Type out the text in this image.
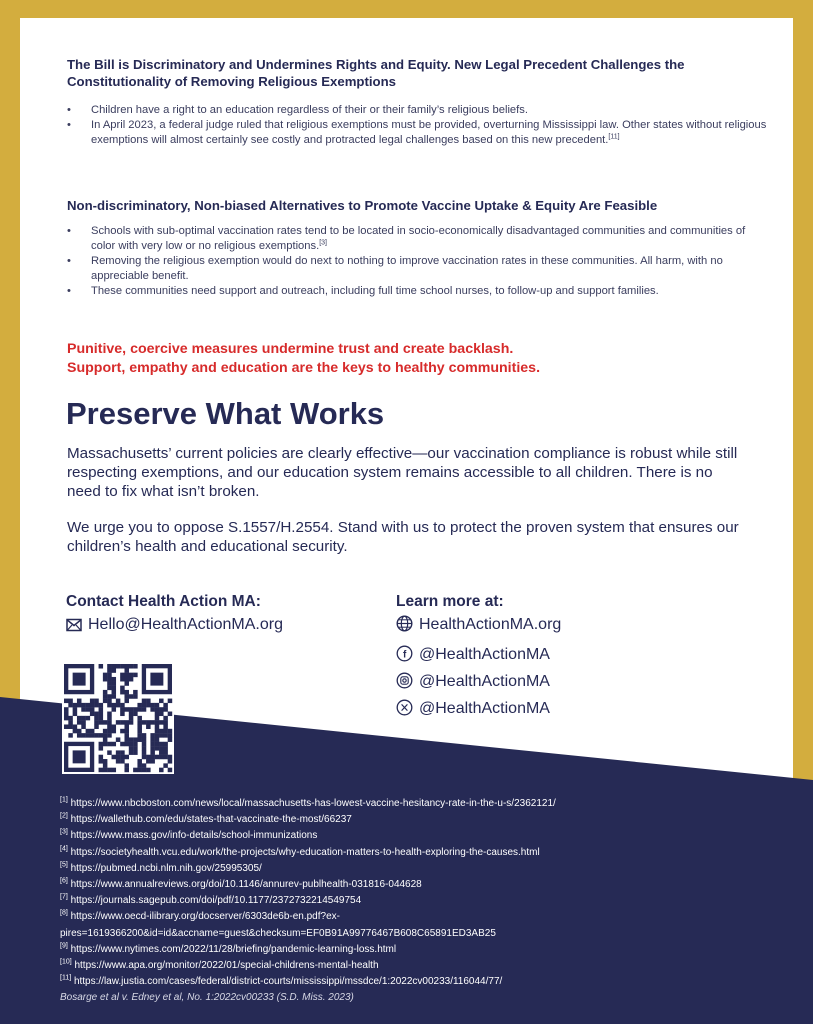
The Bill is Discriminatory and Undermines Rights and Equity. New Legal Precedent Challenges the Constitutionality of Removing Religious Exemptions
• Children have a right to an education regardless of their or their family’s religious beliefs.
• In April 2023, a federal judge ruled that religious exemptions must be provided, overturning Mississippi law. Other states without religious exemptions will almost certainly see costly and protracted legal challenges based on this new precedent.[11]
Non-discriminatory, Non-biased Alternatives to Promote Vaccine Uptake & Equity Are Feasible
• Schools with sub-optimal vaccination rates tend to be located in socio-economically disadvantaged communities and communities of color with very low or no religious exemptions.[3]
• Removing the religious exemption would do next to nothing to improve vaccination rates in these communities. All harm, with no appreciable benefit.
• These communities need support and outreach, including full time school nurses, to follow-up and support families.
Punitive, coercive measures undermine trust and create backlash.
Support, empathy and education are the keys to healthy communities.
Preserve What Works

Massachusetts’ current policies are clearly effective—our vaccination compliance is robust while still respecting exemptions, and our education system remains accessible to all children. There is no need to fix what isn’t broken.

We urge you to oppose S.1557/H.2554. Stand with us to protect the proven system that ensures our children’s health and educational security.

Contact Health Action MA:
Hello@HealthActionMA.org
Learn more at:
HealthActionMA.org
f @HealthActionMA
@HealthActionMA
@HealthActionMA
[1] https://www.nbcboston.com/news/local/massachusetts-has-lowest-vaccine-hesitancy-rate-in-the-u-s/2362121/
[2] https://wallethub.com/edu/states-that-vaccinate-the-most/66237
[3] https://www.mass.gov/info-details/school-immunizations
[4] https://societyhealth.vcu.edu/work/the-projects/why-education-matters-to-health-exploring-the-causes.html
[5] https://pubmed.ncbi.nlm.nih.gov/25995305/
[6] https://www.annualreviews.org/doi/10.1146/annurev-publhealth-031816-044628
[7] https://journals.sagepub.com/doi/pdf/10.1177/2372732214549754
[8] https://www.oecd-ilibrary.org/docserver/6303de6b-en.pdf?ex-
pires=1619366200&id=id&accname=guest&checksum=EF0B91A99776467B608C65891ED3AB25
[9] https://www.nytimes.com/2022/11/28/briefing/pandemic-learning-loss.html
[10] https://www.apa.org/monitor/2022/01/special-childrens-mental-health
[11] https://law.justia.com/cases/federal/district-courts/mississippi/mssdce/1:2022cv00233/116044/77/
Bosarge et al v. Edney et al, No. 1:2022cv00233 (S.D. Miss. 2023)
